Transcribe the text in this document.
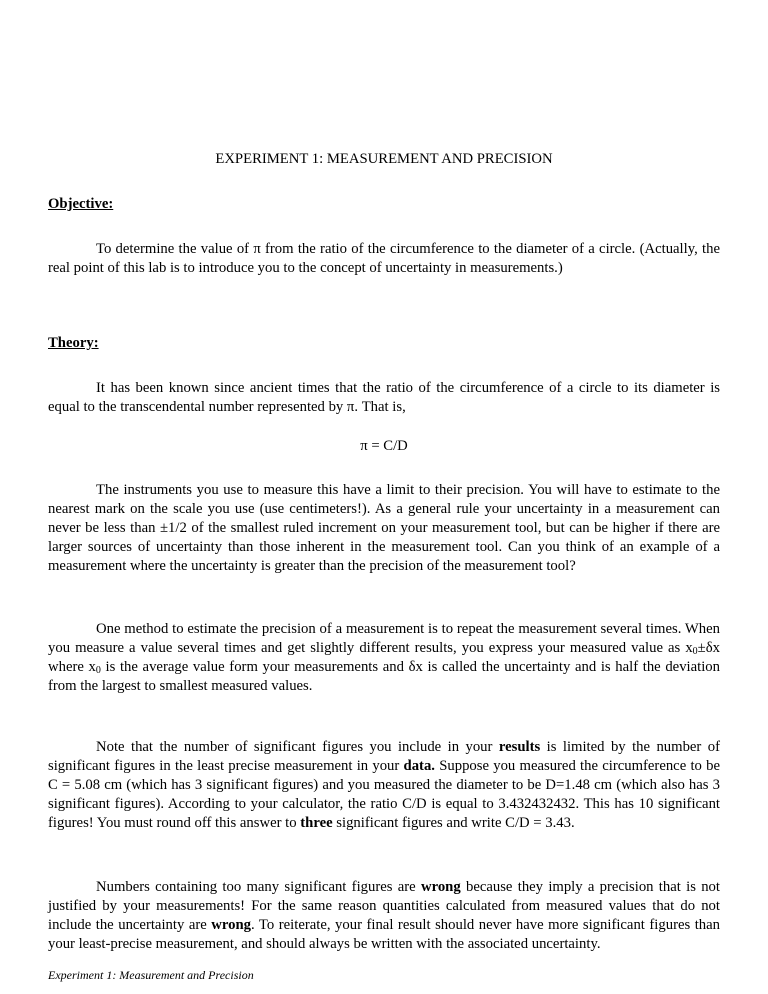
EXPERIMENT 1: MEASUREMENT AND PRECISION
Objective:
To determine the value of π from the ratio of the circumference to the diameter of a circle. (Actually, the real point of this lab is to introduce you to the concept of uncertainty in measurements.)
Theory:
It has been known since ancient times that the ratio of the circumference of a circle to its diameter is equal to the transcendental number represented by π. That is,
π = C/D
The instruments you use to measure this have a limit to their precision. You will have to estimate to the nearest mark on the scale you use (use centimeters!). As a general rule your uncertainty in a measurement can never be less than ±1/2 of the smallest ruled increment on your measurement tool, but can be higher if there are larger sources of uncertainty than those inherent in the measurement tool. Can you think of an example of a measurement where the uncertainty is greater than the precision of the measurement tool?
One method to estimate the precision of a measurement is to repeat the measurement several times. When you measure a value several times and get slightly different results, you express your measured value as $x_0\pm\delta x$ where $x_0$ is the average value form your measurements and δx is called the uncertainty and is half the deviation from the largest to smallest measured values.
Note that the number of significant figures you include in your results is limited by the number of significant figures in the least precise measurement in your data. Suppose you measured the circumference to be C = 5.08 cm (which has 3 significant figures) and you measured the diameter to be D=1.48 cm (which also has 3 significant figures). According to your calculator, the ratio C/D is equal to 3.432432432. This has 10 significant figures! You must round off this answer to three significant figures and write C/D = 3.43.
Numbers containing too many significant figures are wrong because they imply a precision that is not justified by your measurements! For the same reason quantities calculated from measured values that do not include the uncertainty are wrong. To reiterate, your final result should never have more significant figures than your least-precise measurement, and should always be written with the associated uncertainty.
Experiment 1: Measurement and Precision
